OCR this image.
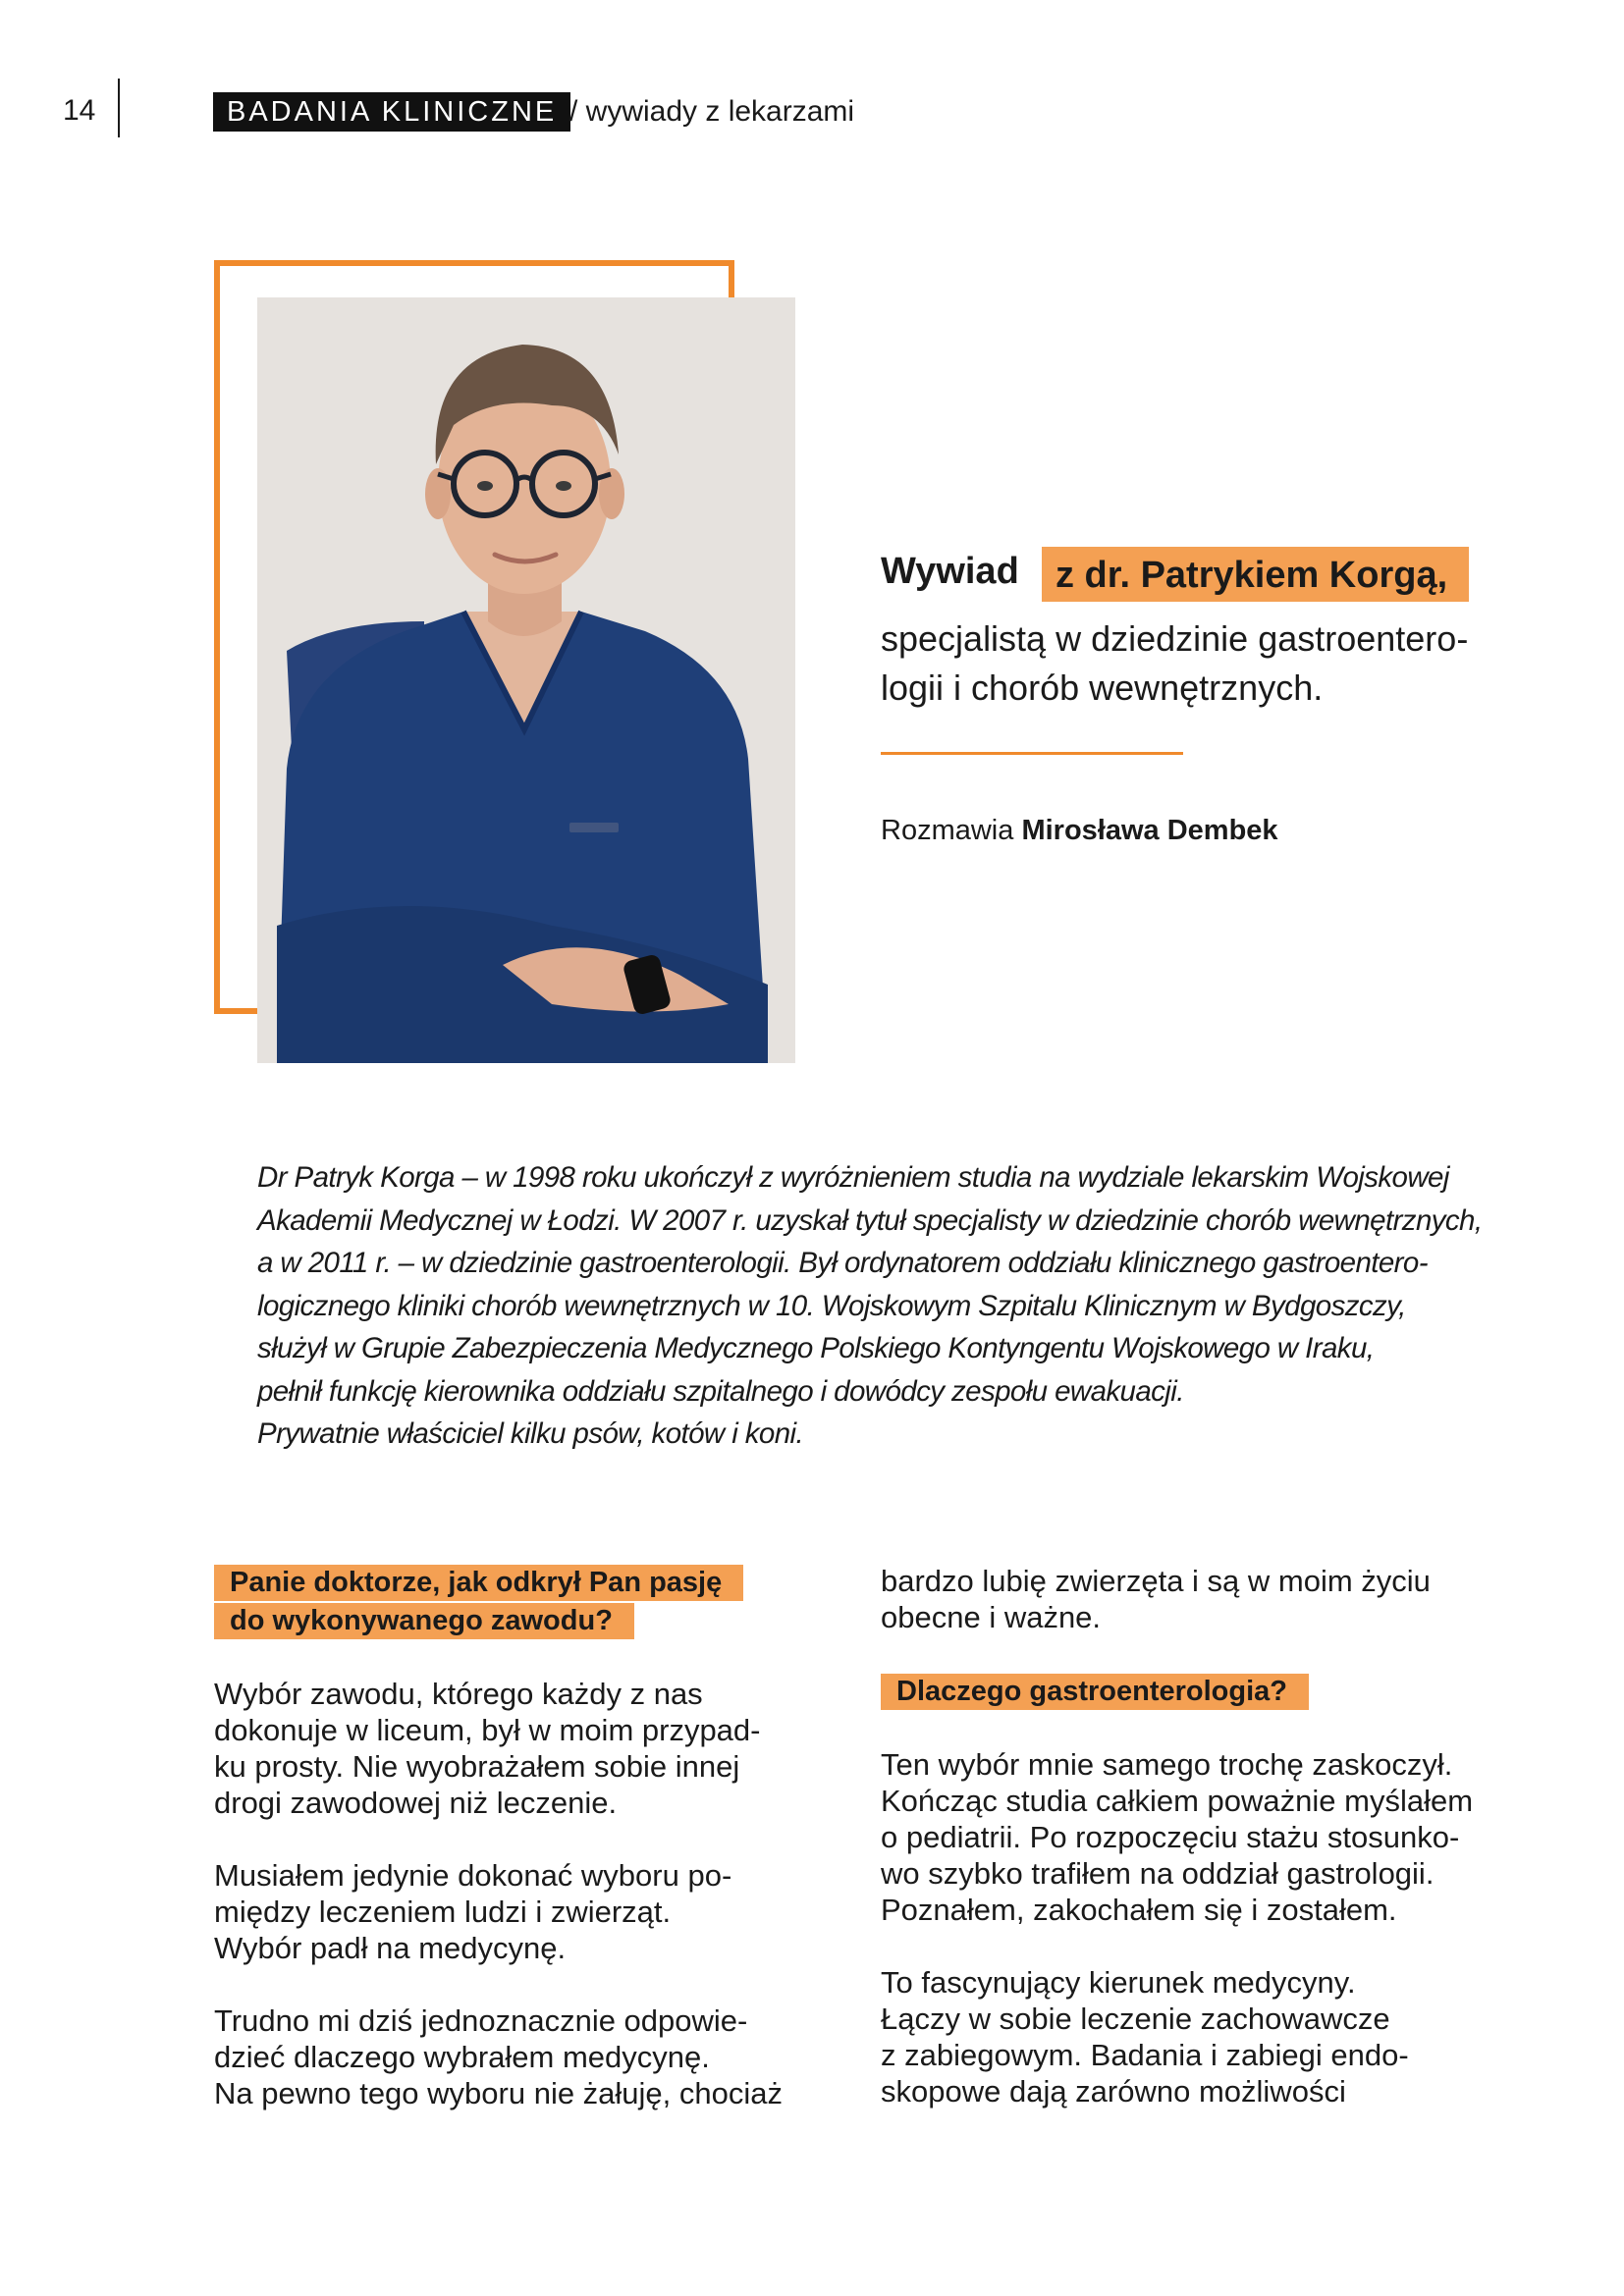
14	BADANIA KLINICZNE / wywiady z lekarzami
Wywiad z dr. Patrykiem Korgą,
specjalistą w dziedzinie gastroentero-
logii i chorób wewnętrznych.
Rozmawia Mirosława Dembek
Dr Patryk Korga – w 1998 roku ukończył z wyróżnieniem studia na wydziale lekarskim Wojskowej
Akademii Medycznej w Łodzi. W 2007 r. uzyskał tytuł specjalisty w dziedzinie chorób wewnętrznych,
a w 2011 r. – w dziedzinie gastroenterologii. Był ordynatorem oddziału klinicznego gastroentero-
logicznego kliniki chorób wewnętrznych w 10. Wojskowym Szpitalu Klinicznym w Bydgoszczy,
służył w Grupie Zabezpieczenia Medycznego Polskiego Kontyngentu Wojskowego w Iraku,
pełnił funkcję kierownika oddziału szpitalnego i dowódcy zespołu ewakuacji.
Prywatnie właściciel kilku psów, kotów i koni.
Panie doktorze, jak odkrył Pan pasję
do wykonywanego zawodu?
Wybór zawodu, którego każdy z nas
dokonuje w liceum, był w moim przypad-
ku prosty. Nie wyobrażałem sobie innej
drogi zawodowej niż leczenie.
Musiałem jedynie dokonać wyboru po-
między leczeniem ludzi i zwierząt.
Wybór padł na medycynę.
Trudno mi dziś jednoznacznie odpowie-
dzieć dlaczego wybrałem medycynę.
Na pewno tego wyboru nie żałuję, chociaż
bardzo lubię zwierzęta i są w moim życiu
obecne i ważne.
Dlaczego gastroenterologia?
Ten wybór mnie samego trochę zaskoczył.
Kończąc studia całkiem poważnie myślałem
o pediatrii. Po rozpoczęciu stażu stosunko-
wo szybko trafiłem na oddział gastrologii.
Poznałem, zakochałem się i zostałem.
To fascynujący kierunek medycyny.
Łączy w sobie leczenie zachowawcze
z zabiegowym. Badania i zabiegi endo-
skopowe dają zarówno możliwości
